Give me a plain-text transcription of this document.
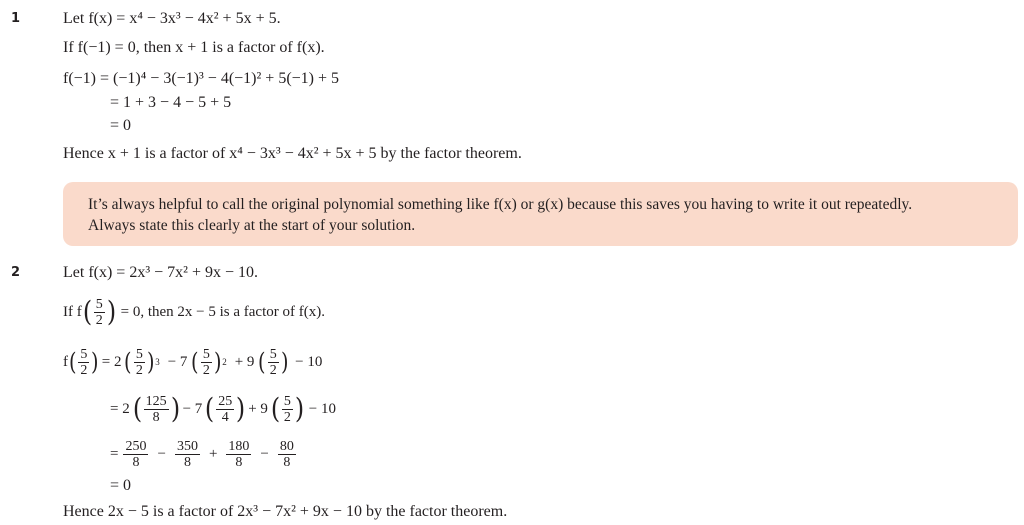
1	Let f(x) = x⁴ − 3x³ − 4x² + 5x + 5.
If f(−1) = 0, then x + 1 is a factor of f(x).
f(−1) = (−1)⁴ − 3(−1)³ − 4(−1)² + 5(−1) + 5
= 1 + 3 − 4 − 5 + 5
= 0
Hence x + 1 is a factor of x⁴ − 3x³ − 4x² + 5x + 5 by the factor theorem.
It’s always helpful to call the original polynomial something like f(x) or g(x) because this saves you having to write it out repeatedly.
Always state this clearly at the start of your solution.
2	Let f(x) = 2x³ − 7x² + 9x − 10.
If f ( $\frac{5}{2}$ ) = 0, then 2x − 5 is a factor of f(x).
f ( $\frac{5}{2}$ ) = 2 ( $\frac{5}{2}$ ) 3 − 7 ( $\frac{5}{2}$ ) 2 + 9 ( $\frac{5}{2}$ ) − 10
= 2 ( $\frac{125}{8}$ ) − 7 ( $\frac{25}{4}$ ) + 9 ( $\frac{5}{2}$ ) − 10
= $\frac{250}{8} - \frac{350}{8} + \frac{180}{8} - \frac{80}{8}$
= 0
Hence 2x − 5 is a factor of 2x³ − 7x² + 9x − 10 by the factor theorem.
